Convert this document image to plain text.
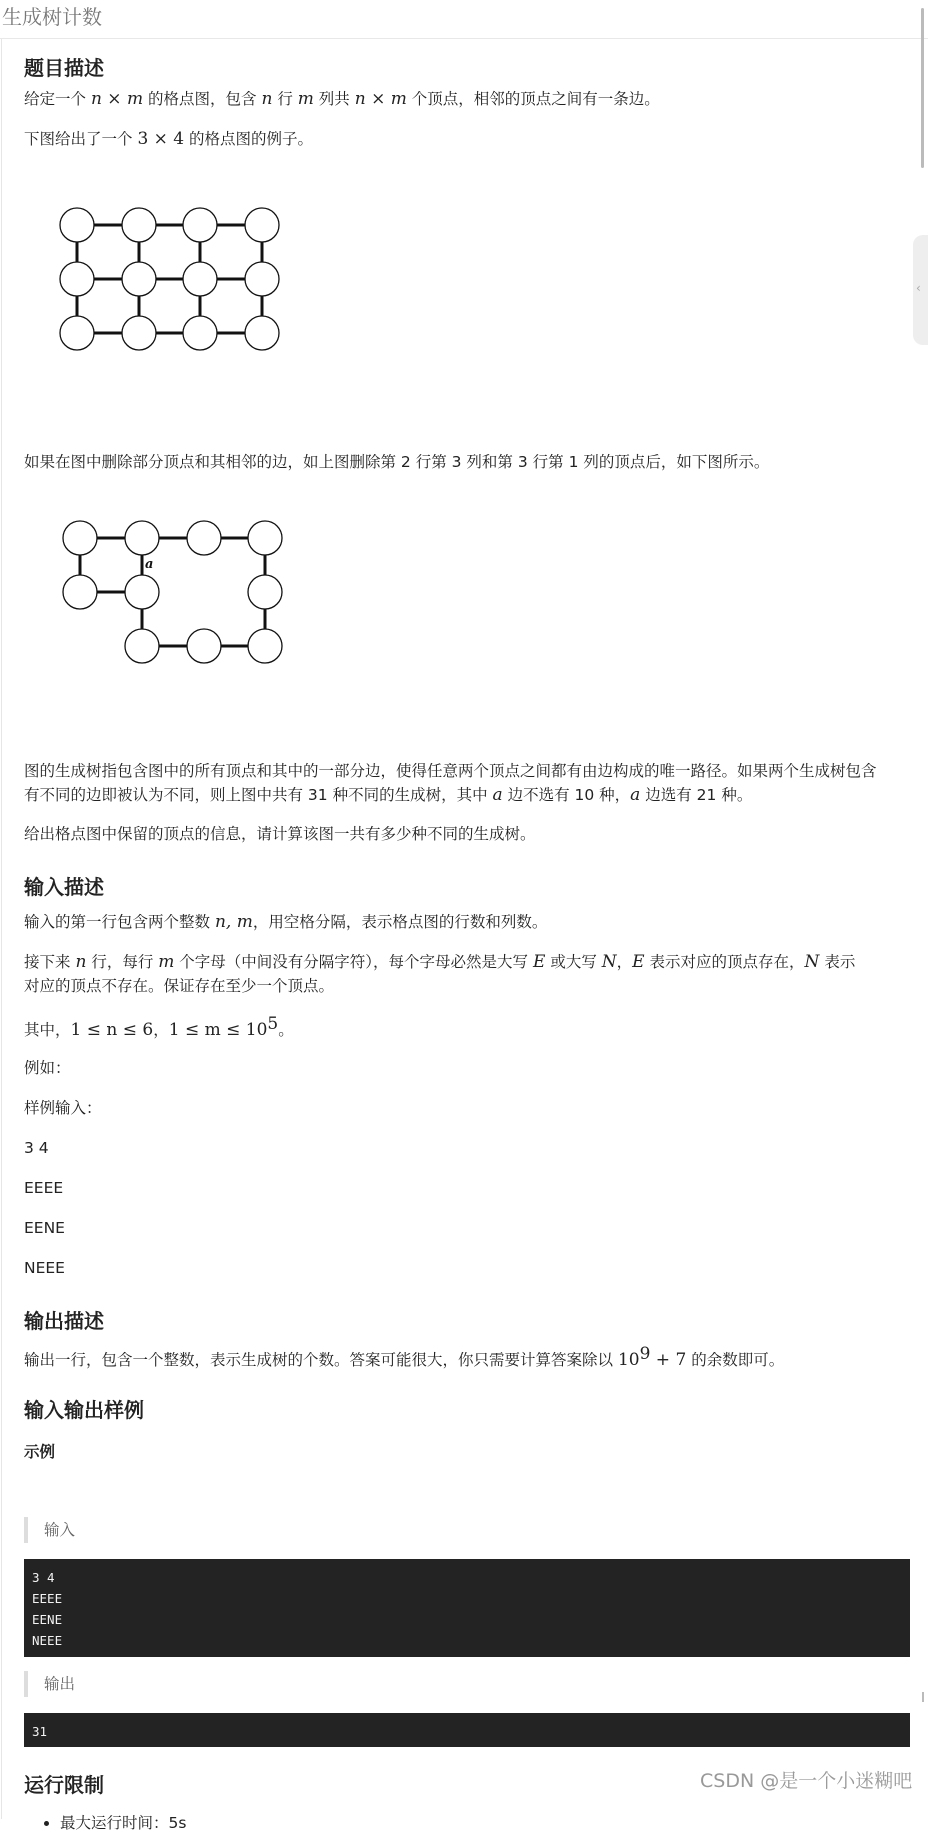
生成树计数
‹
题目描述

给定一个 n × m 的格点图，包含 n 行 m 列共 n × m 个顶点，相邻的顶点之间有一条边。

下图给出了一个 3 × 4 的格点图的例子。

如果在图中删除部分顶点和其相邻的边，如上图删除第 2 行第 3 列和第 3 行第 1 列的顶点后，如下图所示。

a

图的生成树指包含图中的所有顶点和其中的一部分边，使得任意两个顶点之间都有由边构成的唯一路径。如果两个生成树包含

有不同的边即被认为不同，则上图中共有 31 种不同的生成树，其中 a 边不选有 10 种，a 边选有 21 种。

给出格点图中保留的顶点的信息，请计算该图一共有多少种不同的生成树。

输入描述

输入的第一行包含两个整数 n, m，用空格分隔，表示格点图的行数和列数。

接下来 n 行，每行 m 个字母（中间没有分隔字符），每个字母必然是大写 E 或大写 N，E 表示对应的顶点存在，N 表示

对应的顶点不存在。保证存在至少一个顶点。

其中，1 ≤ n ≤ 6，$1 \le m \le 10^5$。

例如：

样例输入：

3 4

EEEE

EENE

NEEE

输出描述

输出一行，包含一个整数，表示生成树的个数。答案可能很大，你只需要计算答案除以 $10^9 + 7$ 的余数即可。

输入输出样例

示例

输入
3 4
EEEE
EENE
NEEE
输出
31
运行限制
• 最大运行时间：5s
CSDN @是一个小迷糊吧
